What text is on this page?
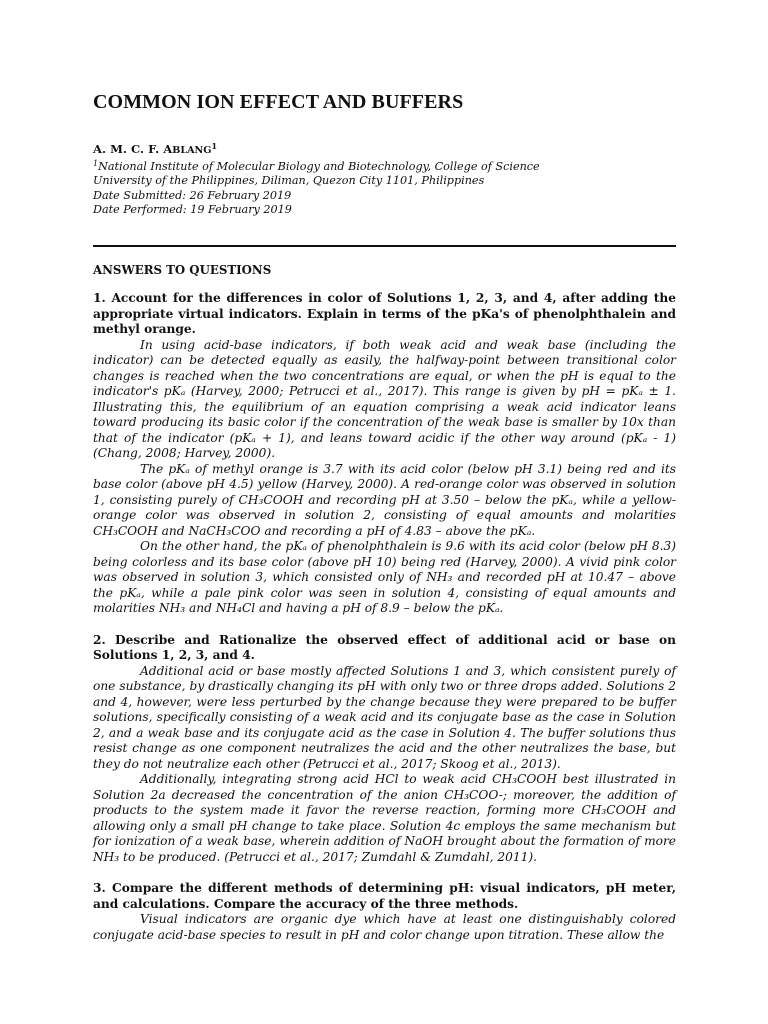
COMMON ION EFFECT AND BUFFERS
A. M. C. F. ABLANG$^1$
$^1$National Institute of Molecular Biology and Biotechnology, College of Science
University of the Philippines, Diliman, Quezon City 1101, Philippines
Date Submitted: 26 February 2019
Date Performed: 19 February 2019
ANSWERS TO QUESTIONS
1. Account for the differences in color of Solutions 1, 2, 3, and 4, after adding the appropriate virtual indicators. Explain in terms of the pKa's of phenolphthalein and methyl orange.
In using acid-base indicators, if both weak acid and weak base (including the indicator) can be detected equally as easily, the halfway-point between transitional color changes is reached when the two concentrations are equal, or when the pH is equal to the indicator's pKₐ (Harvey, 2000; Petrucci et al., 2017). This range is given by pH = pKₐ ± 1. Illustrating this, the equilibrium of an equation comprising a weak acid indicator leans toward producing its basic color if the concentration of the weak base is smaller by 10x than that of the indicator (pKₐ + 1), and leans toward acidic if the other way around (pKₐ - 1) (Chang, 2008; Harvey, 2000).
The pKₐ of methyl orange is 3.7 with its acid color (below pH 3.1) being red and its base color (above pH 4.5) yellow (Harvey, 2000). A red-orange color was observed in solution 1, consisting purely of CH₃COOH and recording pH at 3.50 – below the pKₐ, while a yellow-orange color was observed in solution 2, consisting of equal amounts and molarities CH₃COOH and NaCH₃COO and recording a pH of 4.83 – above the pKₐ.
On the other hand, the pKₐ of phenolphthalein is 9.6 with its acid color (below pH 8.3) being colorless and its base color (above pH 10) being red (Harvey, 2000). A vivid pink color was observed in solution 3, which consisted only of NH₃ and recorded pH at 10.47 – above the pKₐ, while a pale pink color was seen in solution 4, consisting of equal amounts and molarities NH₃ and NH₄Cl and having a pH of 8.9 – below the pKₐ.
2. Describe and Rationalize the observed effect of additional acid or base on Solutions 1, 2, 3, and 4.
Additional acid or base mostly affected Solutions 1 and 3, which consistent purely of one substance, by drastically changing its pH with only two or three drops added. Solutions 2 and 4, however, were less perturbed by the change because they were prepared to be buffer solutions, specifically consisting of a weak acid and its conjugate base as the case in Solution 2, and a weak base and its conjugate acid as the case in Solution 4. The buffer solutions thus resist change as one component neutralizes the acid and the other neutralizes the base, but they do not neutralize each other (Petrucci et al., 2017; Skoog et al., 2013).
Additionally, integrating strong acid HCl to weak acid CH₃COOH best illustrated in Solution 2a decreased the concentration of the anion CH₃COO-; moreover, the addition of products to the system made it favor the reverse reaction, forming more CH₃COOH and allowing only a small pH change to take place. Solution 4c employs the same mechanism but for ionization of a weak base, wherein addition of NaOH brought about the formation of more NH₃ to be produced. (Petrucci et al., 2017; Zumdahl & Zumdahl, 2011).
3. Compare the different methods of determining pH: visual indicators, pH meter, and calculations. Compare the accuracy of the three methods.
Visual indicators are organic dye which have at least one distinguishably colored conjugate acid-base species to result in pH and color change upon titration. These allow the
